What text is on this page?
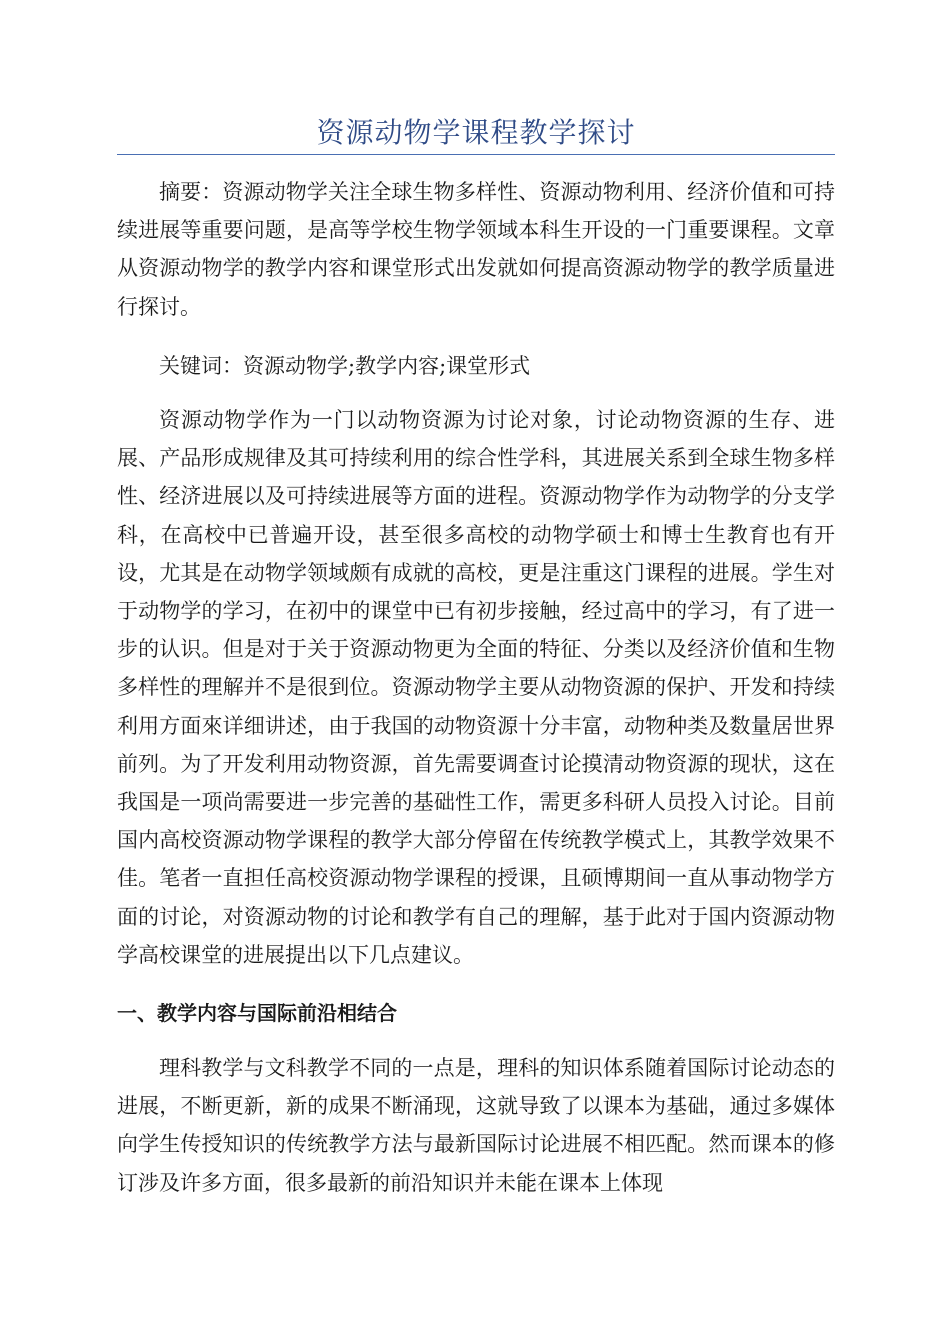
资源动物学课程教学探讨

摘要：资源动物学关注全球生物多样性、资源动物利用、经济价值和可持续进展等重要问题，是高等学校生物学领域本科生开设的一门重要课程。文章从资源动物学的教学内容和课堂形式出发就如何提高资源动物学的教学质量进行探讨。

关键词：资源动物学;教学内容;课堂形式

资源动物学作为一门以动物资源为讨论对象，讨论动物资源的生存、进展、产品形成规律及其可持续利用的综合性学科，其进展关系到全球生物多样性、经济进展以及可持续进展等方面的进程。资源动物学作为动物学的分支学科，在高校中已普遍开设，甚至很多高校的动物学硕士和博士生教育也有开设，尤其是在动物学领域颇有成就的高校，更是注重这门课程的进展。学生对于动物学的学习，在初中的课堂中已有初步接触，经过高中的学习，有了进一步的认识。但是对于关于资源动物更为全面的特征、分类以及经济价值和生物多样性的理解并不是很到位。资源动物学主要从动物资源的保护、开发和持续利用方面來详细讲述，由于我国的动物资源十分丰富，动物种类及数量居世界前列。为了开发利用动物资源，首先需要调查讨论摸清动物资源的现状，这在我国是一项尚需要进一步完善的基础性工作，需更多科研人员投入讨论。目前国内高校资源动物学课程的教学大部分停留在传统教学模式上，其教学效果不佳。笔者一直担任高校资源动物学课程的授课，且硕博期间一直从事动物学方面的讨论，对资源动物的讨论和教学有自己的理解，基于此对于国内资源动物学高校课堂的进展提出以下几点建议。

一、教学内容与国际前沿相结合

理科教学与文科教学不同的一点是，理科的知识体系随着国际讨论动态的进展，不断更新，新的成果不断涌现，这就导致了以课本为基础，通过多媒体向学生传授知识的传统教学方法与最新国际讨论进展不相匹配。然而课本的修订涉及许多方面，很多最新的前沿知识并未能在课本上体现
